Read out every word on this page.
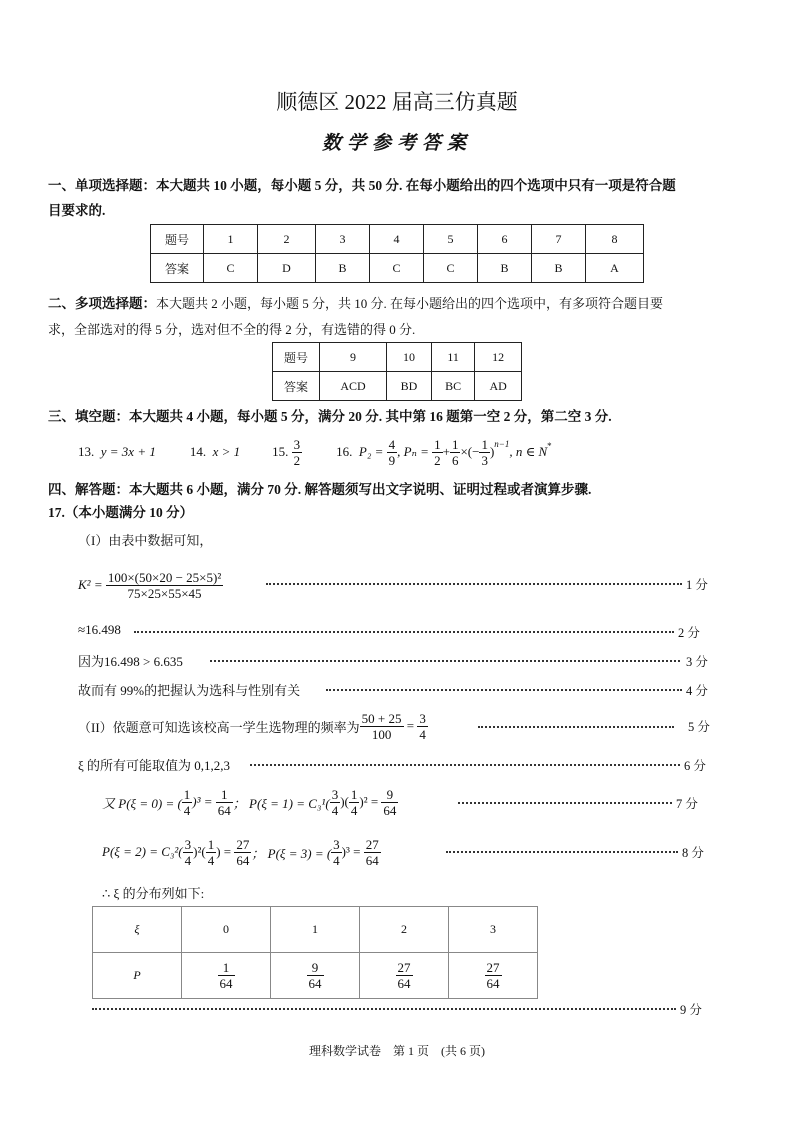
顺德区 2022 届高三仿真题
数学参考答案
一、单项选择题：本大题共 10 小题，每小题 5 分，共 50 分. 在每小题给出的四个选项中只有一项是符合题
目要求的.
题号	1	2	3	4	5	6	7	8
答案	C	D	B	C	C	B	B	A
二、多项选择题：本大题共 2 小题，每小题 5 分，共 10 分. 在每小题给出的四个选项中，有多项符合题目要
求，全部选对的得 5 分，选对但不全的得 2 分，有选错的得 0 分.
题号	9	10	11	12
答案	ACD	BD	BC	AD
三、填空题：本大题共 4 小题，每小题 5 分，满分 20 分. 其中第 16 题第一空 2 分，第二空 3 分.
13.
y = 3x + 1	14.
x > 1 15.
$\frac{3}{2}$	16.
P₂ =
$\frac{4}{9}$ , Pₙ =
$\frac{1}{2} + \frac{1}{6}$ ×(− $\frac{1}{3} )^{n-1}$ , n ∈ N*
四、解答题：本大题共 6 小题，满分 70 分. 解答题须写出文字说明、证明过程或者演算步骤.
17.（本小题满分 10 分）
（I）由表中数据可知，
K² =
$\frac{\text{100×(50×20 − 25×5)²}}{75\times 25\times 55\times 45}$	1 分
≈16.498	2 分
因为16.498 > 6.635	3 分
故而有 99%的把握认为选科与性别有关	4 分
（II）依题意可知选该校高一学生选物理的频率为 $\frac{50 + 25}{100}$
=
$\frac{3}{4}$	5 分
ξ 的所有可能取值为 0,1,2,3	6 分
又 P(ξ = 0) = ( $\frac{1}{4} )^3$ =
$\frac{1}{64}$ ； $P(\xi = 1) = C_3^1( \frac{3}{4}$ )( $\frac{1}{4} )^2$ =
$\frac{9}{64}$	7 分
$P(\xi = 2) = C_3^2( \frac{3}{4} )^2( \frac{1}{4}$ ) =
$\frac{27}{64}$ ； P(ξ = 3) = ( $\frac{3}{4} )^3$ =
$\frac{27}{64}$	8 分
∴ ξ 的分布列如下:
ξ	0	1	2	3
P	$\frac{1}{64}$	$\frac{9}{64}$	$\frac{27}{64}$	$\frac{27}{64}$
9 分
理科数学试卷　第 1 页　(共 6 页)
